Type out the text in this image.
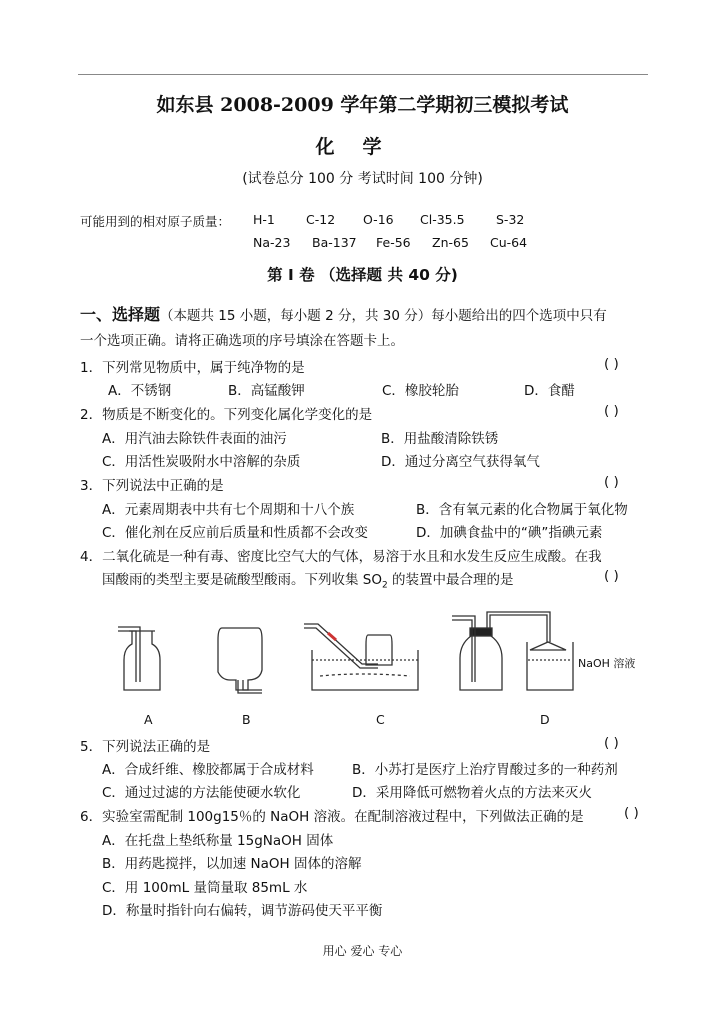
如东县 2008-2009 学年第二学期初三模拟考试
化学
(试卷总分 100 分 考试时间 100 分钟)
可能用到的相对原子质量： H-1 C-12 O-16 Cl-35.5	S-32
Na-23 Ba-137 Fe-56 Zn-65 Cu-64
第 I 卷 （选择题 共 40 分)
一、选择题（本题共 15 小题，每小题 2 分，共 30 分）每小题给出的四个选项中只有
一个选项正确。请将正确选项的序号填涂在答题卡上。
1．下列常见物质中，属于纯净物的是	( )
A．不锈钢	B．高锰酸钾	C．橡胶轮胎	D．食醋
2．物质是不断变化的。下列变化属化学变化的是	( )
A．用汽油去除铁件表面的油污	B．用盐酸清除铁锈
C．用活性炭吸附水中溶解的杂质	D．通过分离空气获得氧气
3．下列说法中正确的是	( )
A．元素周期表中共有七个周期和十八个族	B．含有氧元素的化合物属于氧化物
C．催化剂在反应前后质量和性质都不会改变	D．加碘食盐中的“碘”指碘元素
4．二氧化硫是一种有毒、密度比空气大的气体，易溶于水且和水发生反应生成酸。在我
国酸雨的类型主要是硫酸型酸雨。下列收集 $SO_2$ 的装置中最合理的是	( )
NaOH 溶液
A	B	C	D
5．下列说法正确的是	( )
A．合成纤维、橡胶都属于合成材料	B．小苏打是医疗上治疗胃酸过多的一种药剂
C．通过过滤的方法能使硬水软化	D．采用降低可燃物着火点的方法来灭火
6．实验室需配制 100g15％的 NaOH 溶液。在配制溶液过程中，下列做法正确的是	( )
A．在托盘上垫纸称量 15gNaOH 固体
B．用药匙搅拌，以加速 NaOH 固体的溶解
C．用 100mL 量筒量取 85mL 水
D．称量时指针向右偏转，调节游码使天平平衡
用心 爱心 专心
